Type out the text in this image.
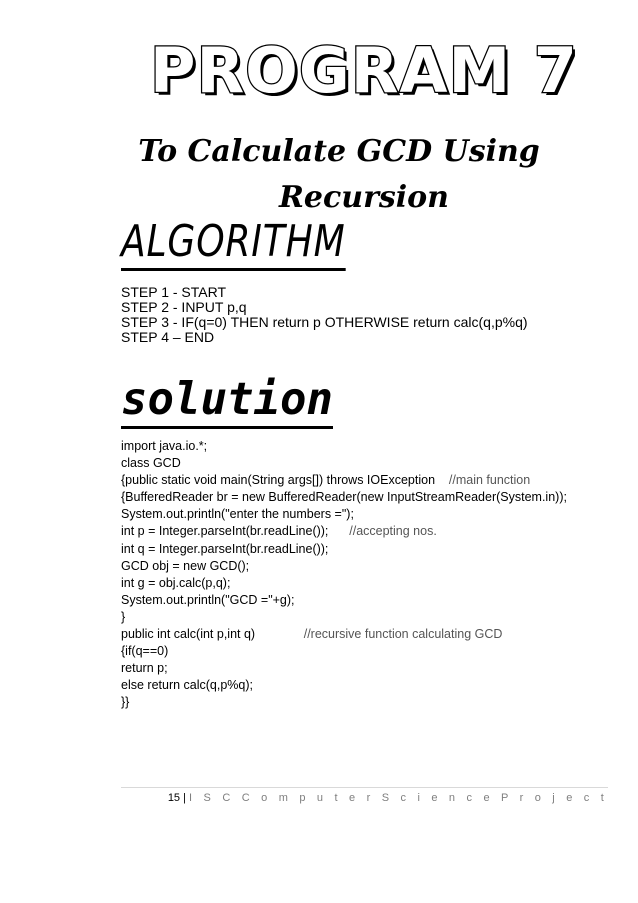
PROGRAM 7
To Calculate GCD Using
Recursion
ALGORITHM
STEP 1 - START
STEP 2 - INPUT p,q
STEP 3 - IF(q=0) THEN return p OTHERWISE return calc(q,p%q)
STEP 4 – END
solution
import java.io.*;
class GCD
{public static void main(String args[]) throws IOException    //main function
{BufferedReader br = new BufferedReader(new InputStreamReader(System.in));
System.out.println("enter the numbers =");
int p = Integer.parseInt(br.readLine());      //accepting nos.
int q = Integer.parseInt(br.readLine());
GCD obj = new GCD();
int g = obj.calc(p,q);
System.out.println("GCD ="+g);
}
public int calc(int p,int q)              //recursive function calculating GCD
{if(q==0)
return p;
else return calc(q,p%q);
}}
15 | I S C C o m p u t e r S c i e n c e P r o j e c t
